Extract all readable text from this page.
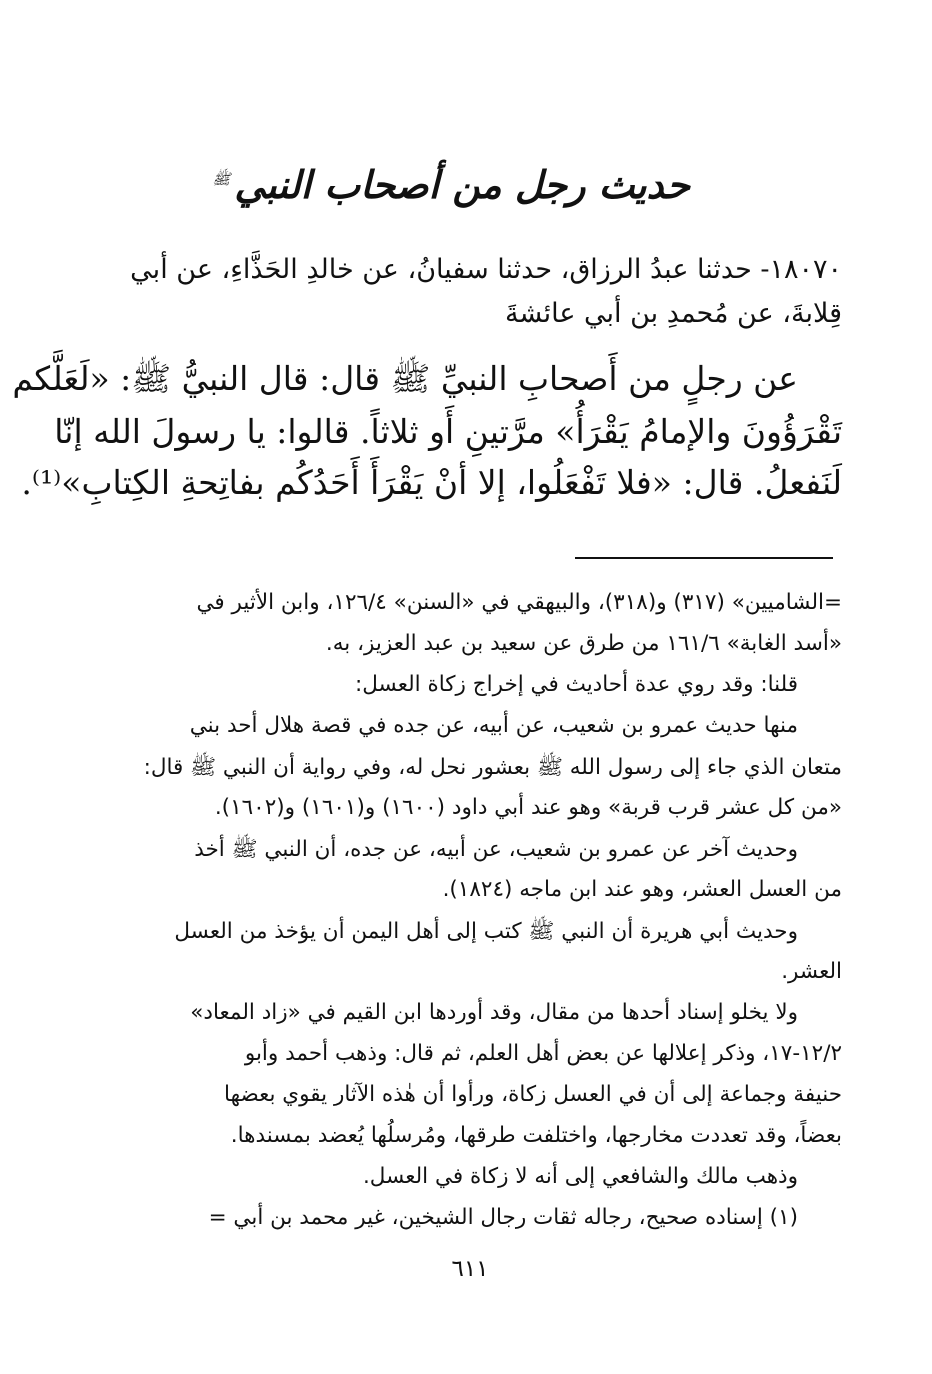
حديث رجل من أصحاب النبي$^ﷺ$
١٨٠٧٠- حدثنا عبدُ الرزاق، حدثنا سفيانُ، عن خالدِ الحَذَّاءِ، عن أبي
قِلابةَ، عن مُحمدِ بن أبي عائشةَ
عن رجلٍ من أَصحابِ النبيِّ ﷺ قال: قال النبيُّ ﷺ: «لَعَلَّكم
تَقْرَؤُونَ والإمامُ يَقْرَأُ» مرَّتينِ أَو ثلاثاً. قالوا: يا رسولَ الله إنّا
لَنَفعلُ. قال: «فلا تَفْعَلُوا، إلا أنْ يَقْرَأَ أَحَدُكُم بفاتِحةِ الكِتابِ»⁽¹⁾.
=الشاميين» (٣١٧) و(٣١٨)، والبيهقي في «السنن» ١٢٦/٤، وابن الأثير في
«أسد الغابة» ١٦١/٦ من طرق عن سعيد بن عبد العزيز، به.
قلنا: وقد روي عدة أحاديث في إخراج زكاة العسل:
منها حديث عمرو بن شعيب، عن أبيه، عن جده في قصة هلال أحد بني
متعان الذي جاء إلى رسول الله ﷺ بعشور نحل له، وفي رواية أن النبي ﷺ قال:
«من كل عشر قرب قربة» وهو عند أبي داود (١٦٠٠) و(١٦٠١) و(١٦٠٢).
وحديث آخر عن عمرو بن شعيب، عن أبيه، عن جده، أن النبي ﷺ أخذ
من العسل العشر، وهو عند ابن ماجه (١٨٢٤).
وحديث أبي هريرة أن النبي ﷺ كتب إلى أهل اليمن أن يؤخذ من العسل
العشر.
ولا يخلو إسناد أحدها من مقال، وقد أوردها ابن القيم في «زاد المعاد»
١٢/٢-١٧، وذكر إعلالها عن بعض أهل العلم، ثم قال: وذهب أحمد وأبو
حنيفة وجماعة إلى أن في العسل زكاة، ورأوا أن هٰذه الآثار يقوي بعضها
بعضاً، وقد تعددت مخارجها، واختلفت طرقها، ومُرسلُها يُعضد بمسندها.
وذهب مالك والشافعي إلى أنه لا زكاة في العسل.
(١) إسناده صحيح، رجاله ثقات رجال الشيخين، غير محمد بن أبي =
٦١١
